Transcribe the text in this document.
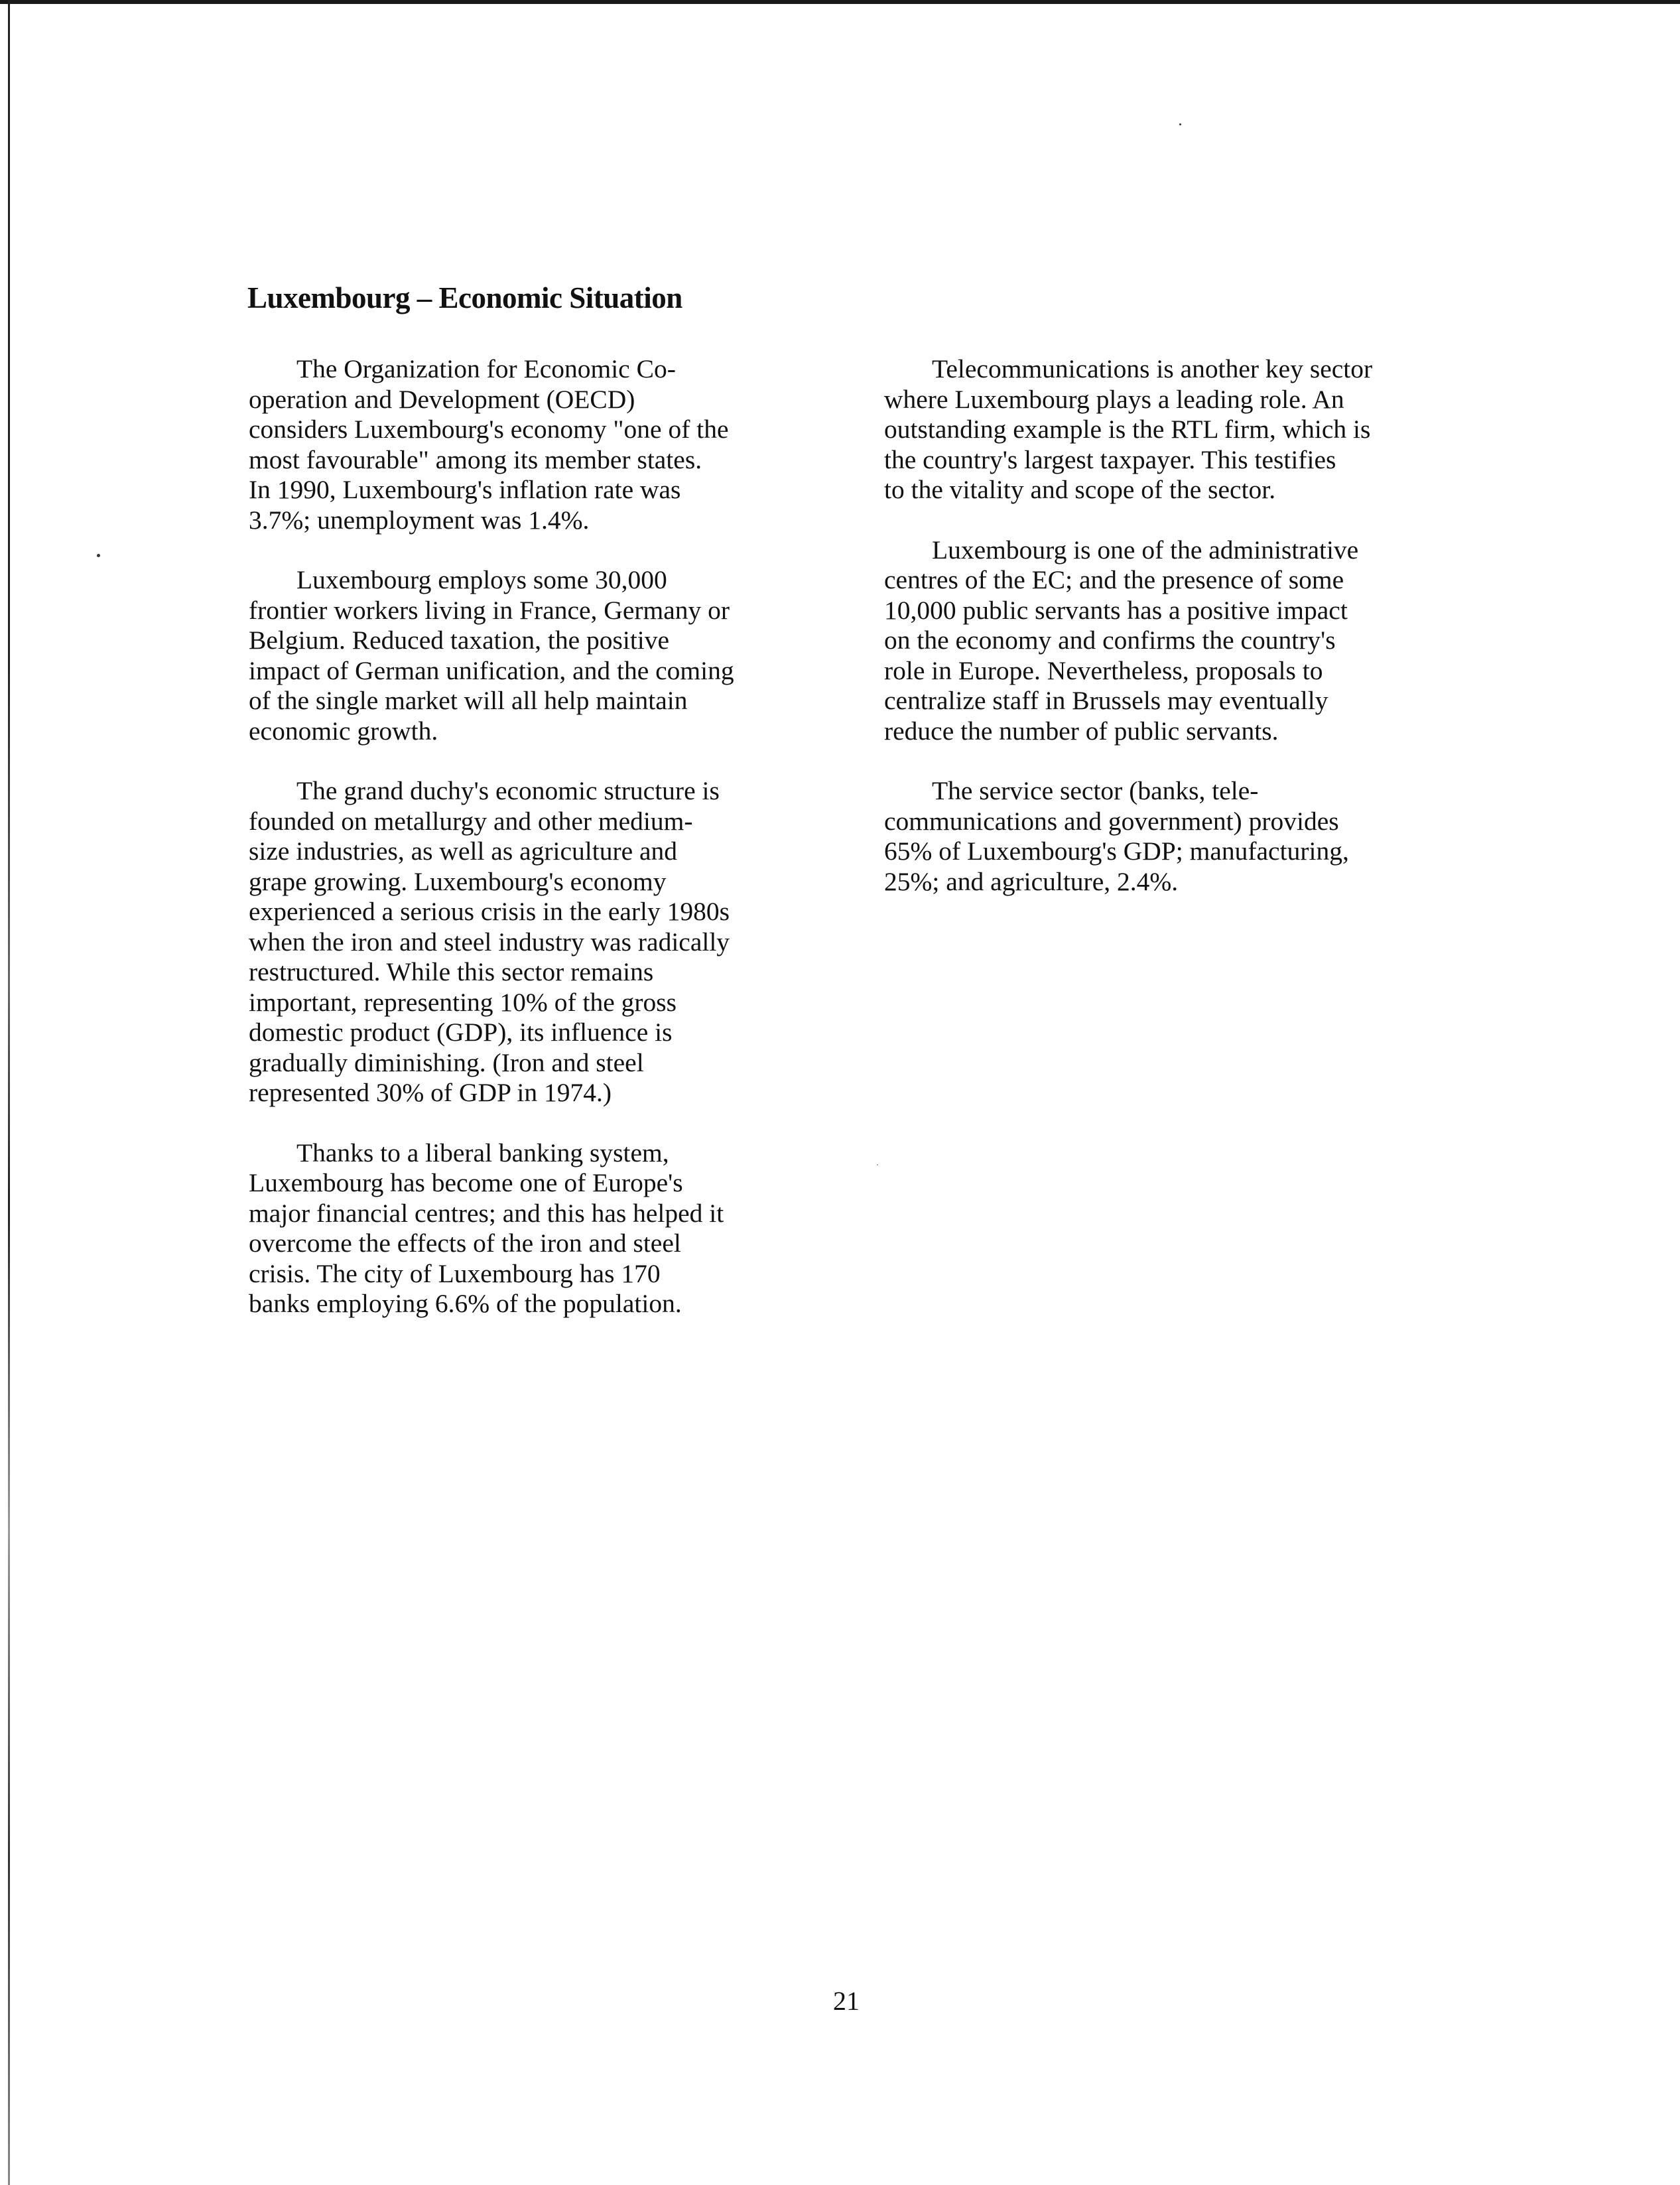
Luxembourg – Economic Situation

The Organization for Economic Co-
operation and Development (OECD)
considers Luxembourg's economy "one of the
most favourable" among its member states.
In 1990, Luxembourg's inflation rate was
3.7%; unemployment was 1.4%.

Luxembourg employs some 30,000
frontier workers living in France, Germany or
Belgium. Reduced taxation, the positive
impact of German unification, and the coming
of the single market will all help maintain
economic growth.

The grand duchy's economic structure is
founded on metallurgy and other medium-
size industries, as well as agriculture and
grape growing. Luxembourg's economy
experienced a serious crisis in the early 1980s
when the iron and steel industry was radically
restructured. While this sector remains
important, representing 10% of the gross
domestic product (GDP), its influence is
gradually diminishing. (Iron and steel
represented 30% of GDP in 1974.)

Thanks to a liberal banking system,
Luxembourg has become one of Europe's
major financial centres; and this has helped it
overcome the effects of the iron and steel
crisis. The city of Luxembourg has 170
banks employing 6.6% of the population.

Telecommunications is another key sector
where Luxembourg plays a leading role. An
outstanding example is the RTL firm, which is
the country's largest taxpayer. This testifies
to the vitality and scope of the sector.

Luxembourg is one of the administrative
centres of the EC; and the presence of some
10,000 public servants has a positive impact
on the economy and confirms the country's
role in Europe. Nevertheless, proposals to
centralize staff in Brussels may eventually
reduce the number of public servants.

The service sector (banks, tele-
communications and government) provides
65% of Luxembourg's GDP; manufacturing,
25%; and agriculture, 2.4%.

21
